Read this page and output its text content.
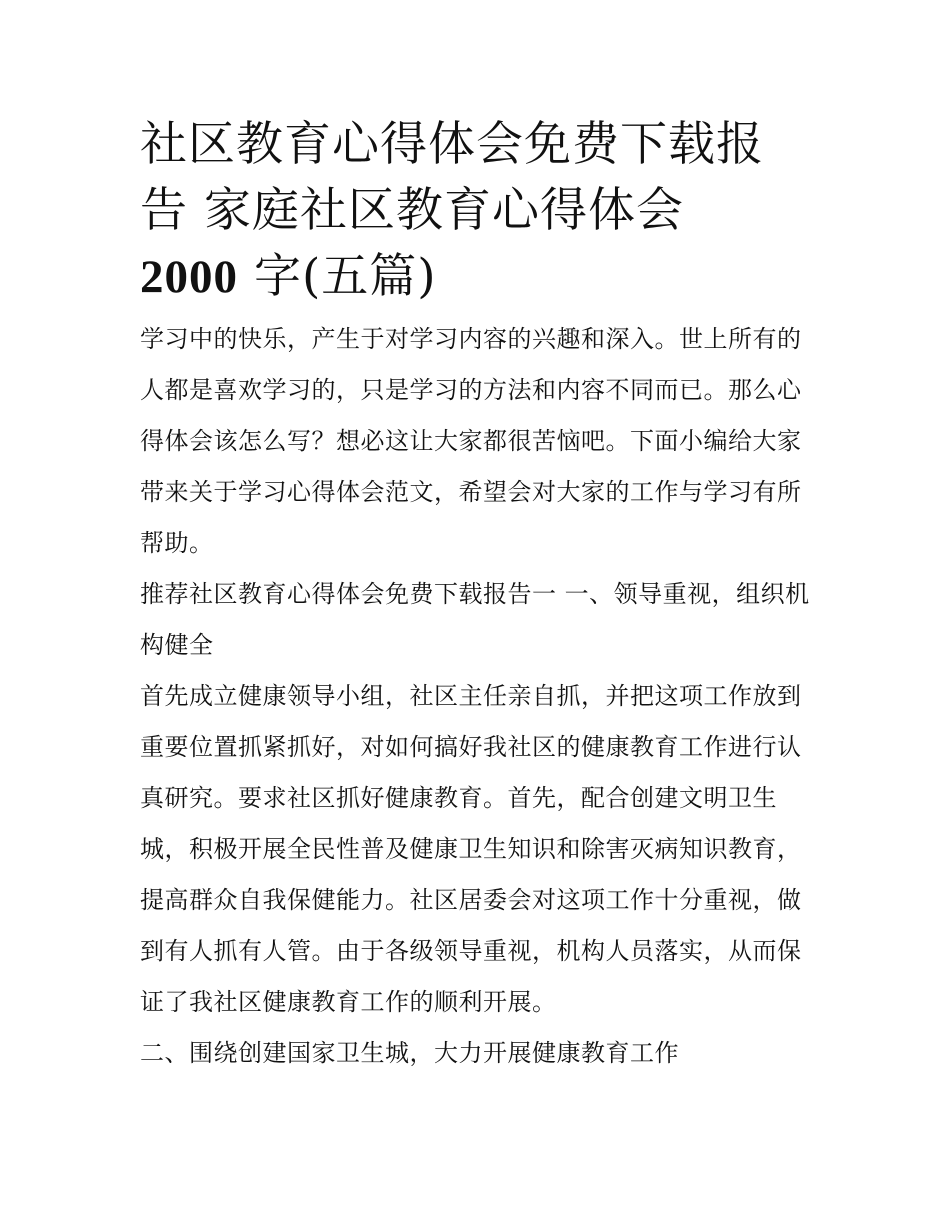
社区教育心得体会免费下载报
告 家庭社区教育心得体会
2000 字(五篇)

学习中的快乐，产生于对学习内容的兴趣和深入。世上所有的人都是喜欢学习的，只是学习的方法和内容不同而已。那么心得体会该怎么写？想必这让大家都很苦恼吧。下面小编给大家带来关于学习心得体会范文，希望会对大家的工作与学习有所帮助。

推荐社区教育心得体会免费下载报告一 一、领导重视，组织机构健全

首先成立健康领导小组，社区主任亲自抓，并把这项工作放到重要位置抓紧抓好，对如何搞好我社区的健康教育工作进行认真研究。要求社区抓好健康教育。首先，配合创建文明卫生城，积极开展全民性普及健康卫生知识和除害灭病知识教育，提高群众自我保健能力。社区居委会对这项工作十分重视，做到有人抓有人管。由于各级领导重视，机构人员落实，从而保证了我社区健康教育工作的顺利开展。

二、围绕创建国家卫生城，大力开展健康教育工作
